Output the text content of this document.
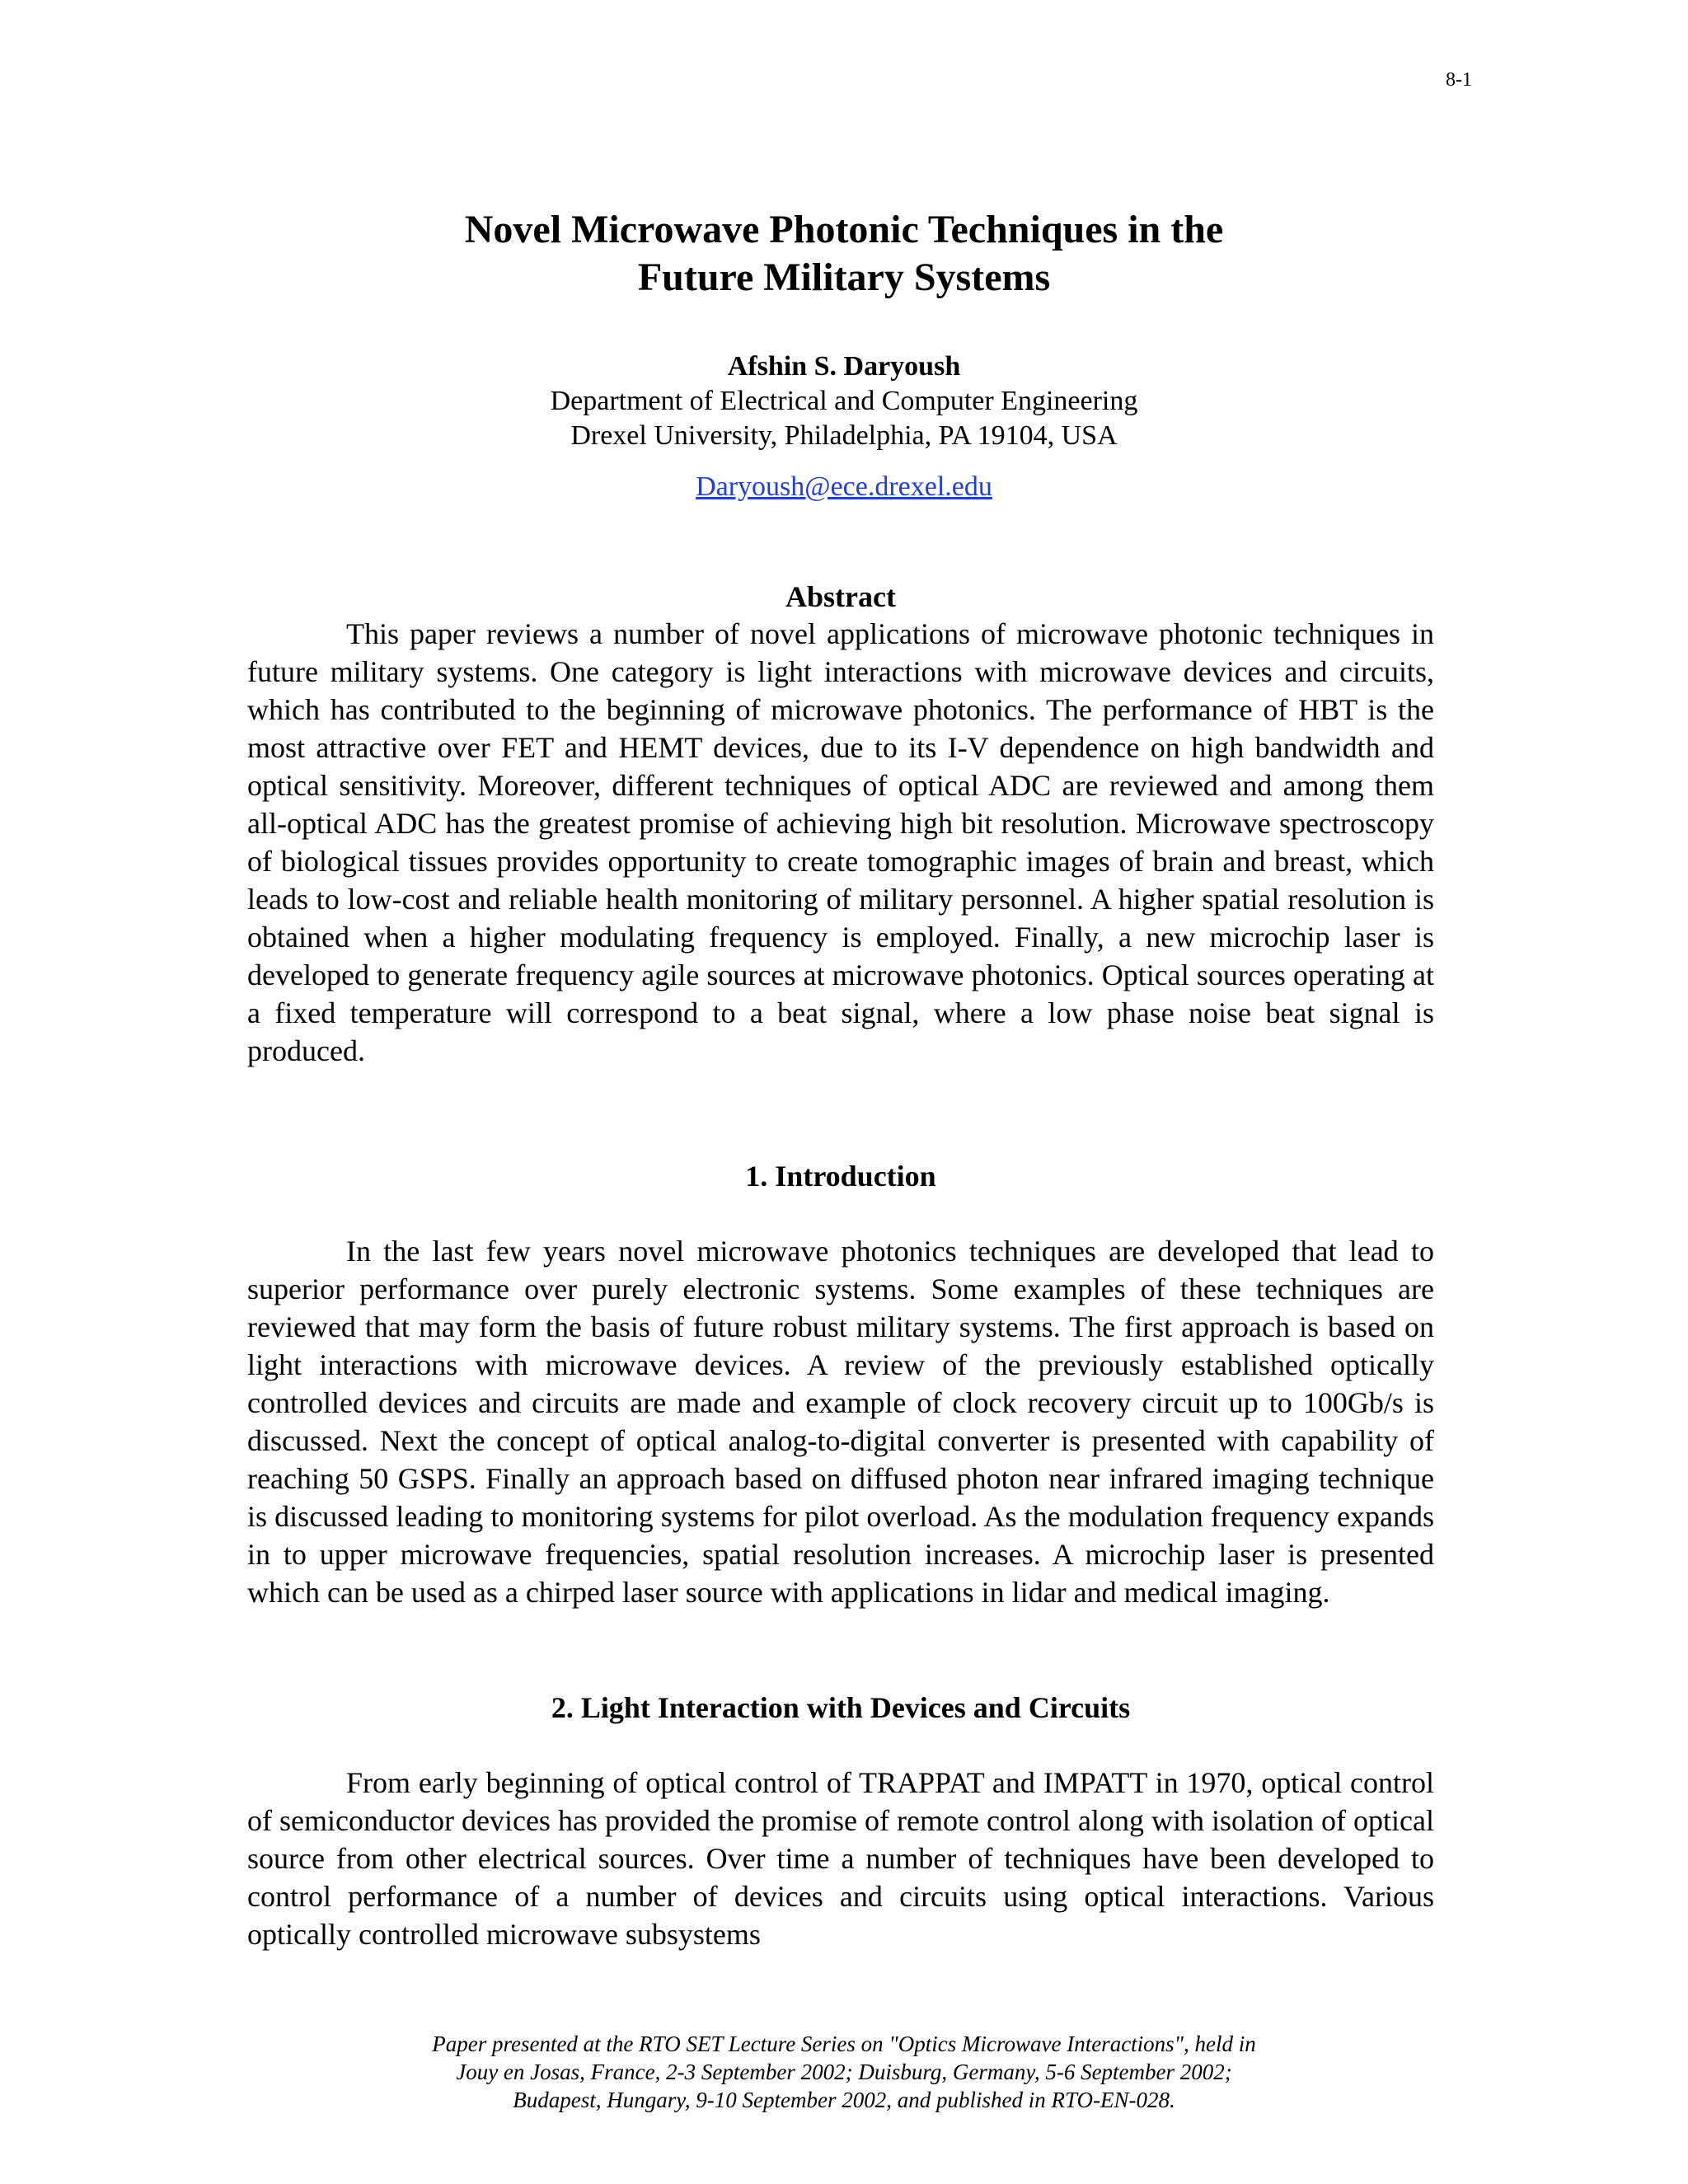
8-1
Novel Microwave Photonic Techniques in the
Future Military Systems
Afshin S. Daryoush
Department of Electrical and Computer Engineering
Drexel University, Philadelphia, PA 19104, USA
Daryoush@ece.drexel.edu
Abstract

This paper reviews a number of novel applications of microwave photonic techniques in future military systems. One category is light interactions with microwave devices and circuits, which has contributed to the beginning of microwave photonics. The performance of HBT is the most attractive over FET and HEMT devices, due to its I-V dependence on high bandwidth and optical sensitivity. Moreover, different techniques of optical ADC are reviewed and among them all-optical ADC has the greatest promise of achieving high bit resolution. Microwave spectroscopy of biological tissues provides opportunity to create tomographic images of brain and breast, which leads to low-cost and reliable health monitoring of military personnel. A higher spatial resolution is obtained when a higher modulating frequency is employed. Finally, a new microchip laser is developed to generate frequency agile sources at microwave photonics. Optical sources operating at a fixed temperature will correspond to a beat signal, where a low phase noise beat signal is produced.

1. Introduction

In the last few years novel microwave photonics techniques are developed that lead to superior performance over purely electronic systems. Some examples of these techniques are reviewed that may form the basis of future robust military systems. The first approach is based on light interactions with microwave devices. A review of the previously established optically controlled devices and circuits are made and example of clock recovery circuit up to 100Gb/s is discussed. Next the concept of optical analog-to-digital converter is presented with capability of reaching 50 GSPS. Finally an approach based on diffused photon near infrared imaging technique is discussed leading to monitoring systems for pilot overload. As the modulation frequency expands in to upper microwave frequencies, spatial resolution increases. A microchip laser is presented which can be used as a chirped laser source with applications in lidar and medical imaging.

2. Light Interaction with Devices and Circuits

From early beginning of optical control of TRAPPAT and IMPATT in 1970, optical control of semiconductor devices has provided the promise of remote control along with isolation of optical source from other electrical sources. Over time a number of techniques have been developed to control performance of a number of devices and circuits using optical interactions. Various optically controlled microwave subsystems

Paper presented at the RTO SET Lecture Series on "Optics Microwave Interactions", held in
Jouy en Josas, France, 2-3 September 2002; Duisburg, Germany, 5-6 September 2002;
Budapest, Hungary, 9-10 September 2002, and published in RTO-EN-028.
